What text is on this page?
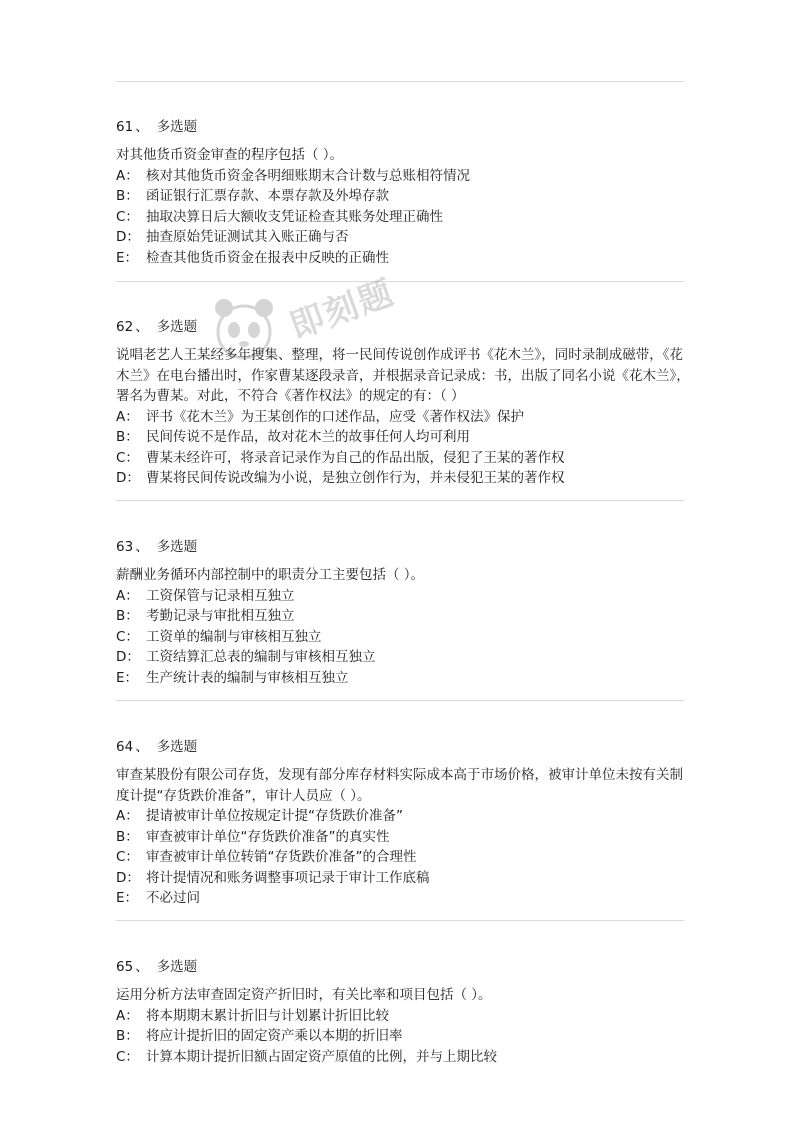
即刻题
61 、 多选题
对其他货币资金审查的程序包括（ ）。
A： 核对其他货币资金各明细账期末合计数与总账相符情况
B： 函证银行汇票存款、本票存款及外埠存款
C： 抽取决算日后大额收支凭证检查其账务处理正确性
D： 抽查原始凭证测试其入账正确与否
E： 检查其他货币资金在报表中反映的正确性
62 、 多选题
说唱老艺人王某经多年搜集、整理，将一民间传说创作成评书《花木兰》，同时录制成磁带，《花木兰》在电台播出时，作家曹某逐段录音，并根据录音记录成：书，出版了同名小说《花木兰》，署名为曹某。对此，不符合《著作权法》的规定的有：（ ）
A： 评书《花木兰》为王某创作的口述作品，应受《著作权法》保护
B： 民间传说不是作品，故对花木兰的故事任何人均可利用
C： 曹某未经许可，将录音记录作为自己的作品出版，侵犯了王某的著作权
D： 曹某将民间传说改编为小说，是独立创作行为，并未侵犯王某的著作权
63 、 多选题
薪酬业务循环内部控制中的职责分工主要包括（ ）。
A： 工资保管与记录相互独立
B： 考勤记录与审批相互独立
C： 工资单的编制与审核相互独立
D： 工资结算汇总表的编制与审核相互独立
E： 生产统计表的编制与审核相互独立
64 、 多选题
审查某股份有限公司存货，发现有部分库存材料实际成本高于市场价格，被审计单位未按有关制度计提“存货跌价准备”，审计人员应（ ）。
A： 提请被审计单位按规定计提“存货跌价准备”
B： 审查被审计单位“存货跌价准备”的真实性
C： 审查被审计单位转销“存货跌价准备”的合理性
D： 将计提情况和账务调整事项记录于审计工作底稿
E： 不必过问
65 、 多选题
运用分析方法审查固定资产折旧时，有关比率和项目包括（ ）。
A： 将本期期末累计折旧与计划累计折旧比较
B： 将应计提折旧的固定资产乘以本期的折旧率
C： 计算本期计提折旧额占固定资产原值的比例，并与上期比较
